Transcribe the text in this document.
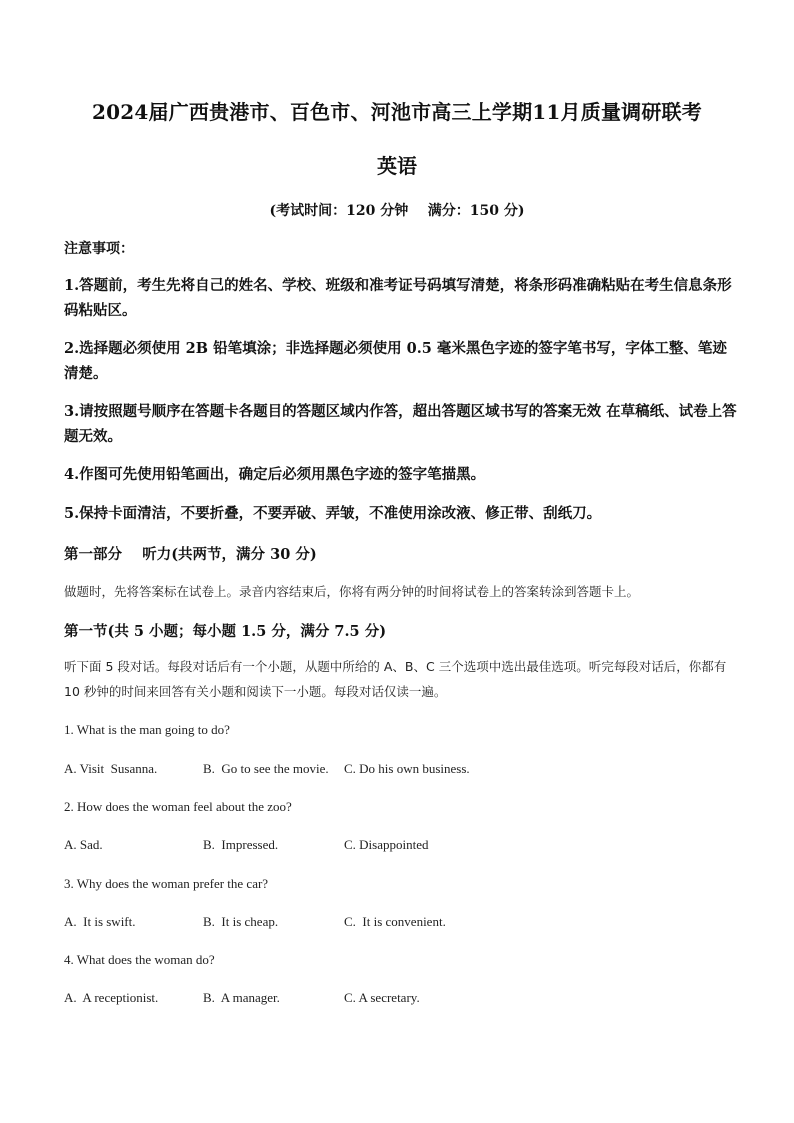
2024届广西贵港市、百色市、河池市高三上学期11月质量调研联考
英语
(考试时间：120 分钟    满分：150 分)
注意事项：
1.答题前，考生先将自己的姓名、学校、班级和准考证号码填写清楚，将条形码准确粘贴在考生信息条形码粘贴区。
2.选择题必须使用 2B 铅笔填涂；非选择题必须使用 0.5 毫米黑色字迹的签字笔书写，字体工整、笔迹清楚。
3.请按照题号顺序在答题卡各题目的答题区域内作答，超出答题区域书写的答案无效 在草稿纸、试卷上答题无效。
4.作图可先使用铅笔画出，确定后必须用黑色字迹的签字笔描黑。
5.保持卡面清洁，不要折叠，不要弄破、弄皱，不准使用涂改液、修正带、刮纸刀。
第一部分    听力(共两节，满分 30 分)
做题时，先将答案标在试卷上。录音内容结束后，你将有两分钟的时间将试卷上的答案转涂到答题卡上。
第一节(共 5 小题；每小题 1.5 分，满分 7.5 分)
听下面 5 段对话。每段对话后有一个小题，从题中所给的 A、B、C 三个选项中选出最佳选项。听完每段对话后，你都有 10 秒钟的时间来回答有关小题和阅读下一小题。每段对话仅读一遍。
1. What is the man going to do?
A. Visit  Susanna.	B.  Go to see the movie. C. Do his own business.
2. How does the woman feel about the zoo?
A. Sad.	B.  Impressed.	C. Disappointed
3. Why does the woman prefer the car?
A.  It is swift.	B.  It is cheap.	C.  It is convenient.
4. What does the woman do?
A.  A receptionist.	B.  A manager.	C. A secretary.
